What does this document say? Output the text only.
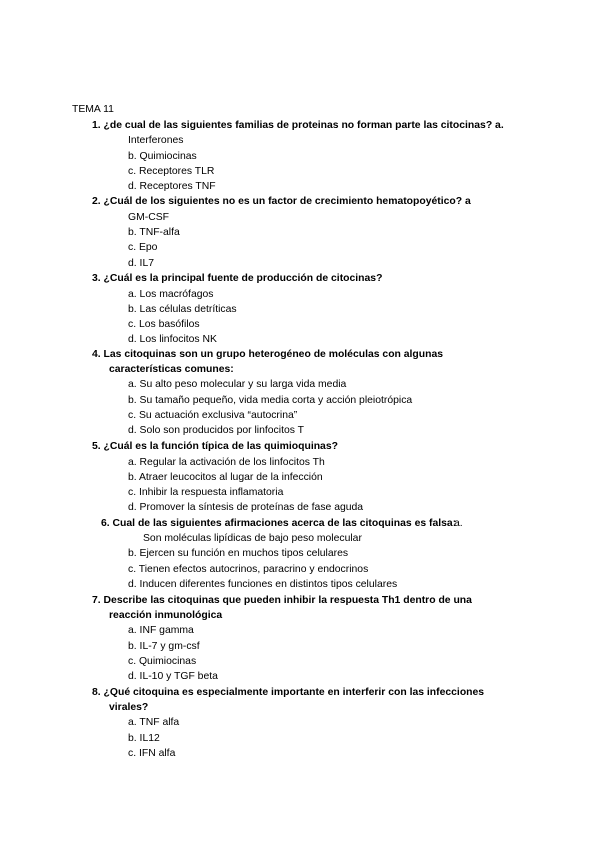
TEMA 11
1. ¿de cual de las siguientes familias de proteinas no forman parte las citocinas? a.
Interferones
b. Quimiocinas
c. Receptores TLR
d. Receptores TNF
2. ¿Cuál de los siguientes no es un factor de crecimiento hematopoyético? a
GM-CSF
b. TNF-alfa
c. Epo
d. IL7
3. ¿Cuál es la principal fuente de producción de citocinas?
a. Los macrófagos
b. Las células detríticas
c. Los basófilos
d. Los linfocitos NK
4. Las citoquinas son un grupo heterogéneo de moléculas con algunas
características comunes:
a. Su alto peso molecular y su larga vida media
b. Su tamaño pequeño, vida media corta y acción pleiotrópica
c. Su actuación exclusiva “autocrina”
d. Solo son producidos por linfocitos T
5. ¿Cuál es la función típica de las quimioquinas?
a. Regular la activación de los linfocitos Th
b. Atraer leucocitos al lugar de la infección
c. Inhibir la respuesta inflamatoria
d. Promover la síntesis de proteínas de fase aguda
6. Cual de las siguientes afirmaciones acerca de las citoquinas es falsa:
a.
Son moléculas lipídicas de bajo peso molecular
b. Ejercen su función en muchos tipos celulares
c. Tienen efectos autocrinos, paracrino y endocrinos
d. Inducen diferentes funciones en distintos tipos celulares
7. Describe las citoquinas que pueden inhibir la respuesta Th1 dentro de una
reacción inmunológica
a. INF gamma
b. IL-7 y gm-csf
c. Quimiocinas
d. IL-10 y TGF beta
8. ¿Qué citoquina es especialmente importante en interferir con las infecciones
virales?
a. TNF alfa
b. IL12
c. IFN alfa
